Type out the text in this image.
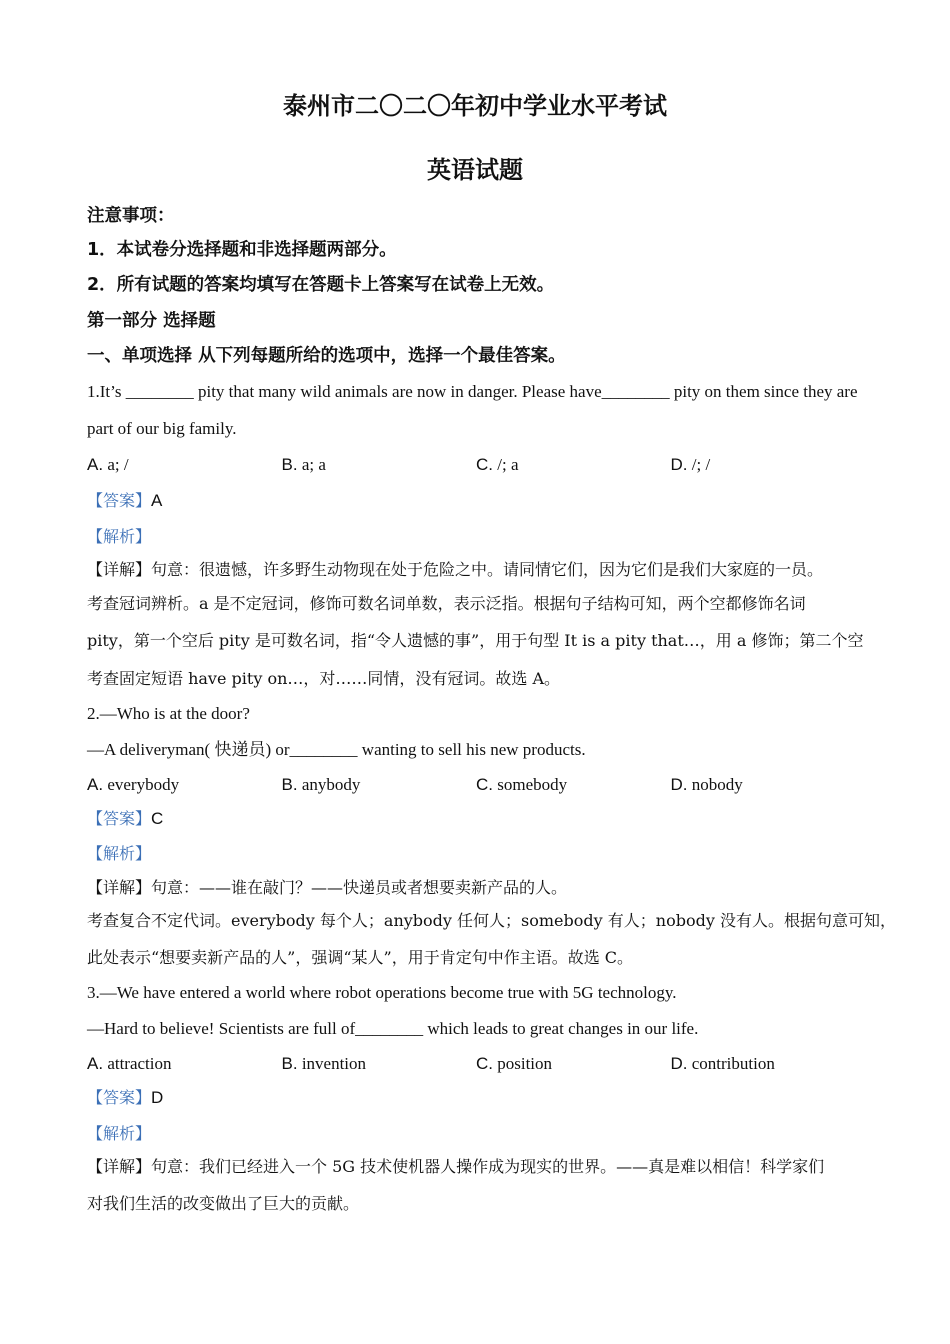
泰州市二〇二〇年初中学业水平考试
英语试题
注意事项：
1．本试卷分选择题和非选择题两部分。
2．所有试题的答案均填写在答题卡上答案写在试卷上无效。
第一部分 选择题
一、单项选择 从下列每题所给的选项中，选择一个最佳答案。
1.It’s ________ pity that many wild animals are now in danger. Please have________ pity on them since they are
part of our big family.
A. a; /	B. a; a	C. /; a	D. /; /
【答案】A
【解析】
【详解】句意：很遗憾，许多野生动物现在处于危险之中。请同情它们，因为它们是我们大家庭的一员。
考查冠词辨析。a 是不定冠词，修饰可数名词单数，表示泛指。根据句子结构可知，两个空都修饰名词
pity，第一个空后 pity 是可数名词，指“令人遗憾的事”，用于句型 It is a pity that…，用 a 修饰；第二个空
考查固定短语 have pity on…，对……同情，没有冠词。故选 A。
2.—Who is at the door?
—A deliveryman( 快递员) or________ wanting to sell his new products.
A. everybody	B. anybody	C. somebody	D. nobody
【答案】C
【解析】
【详解】句意：——谁在敲门？——快递员或者想要卖新产品的人。
考查复合不定代词。everybody 每个人；anybody 任何人；somebody 有人；nobody 没有人。根据句意可知，
此处表示“想要卖新产品的人”，强调“某人”，用于肯定句中作主语。故选 C。
3.—We have entered a world where robot operations become true with 5G technology.
—Hard to believe! Scientists are full of________ which leads to great changes in our life.
A. attraction	B. invention	C. position	D. contribution
【答案】D
【解析】
【详解】句意：我们已经进入一个 5G 技术使机器人操作成为现实的世界。——真是难以相信！科学家们
对我们生活的改变做出了巨大的贡献。
